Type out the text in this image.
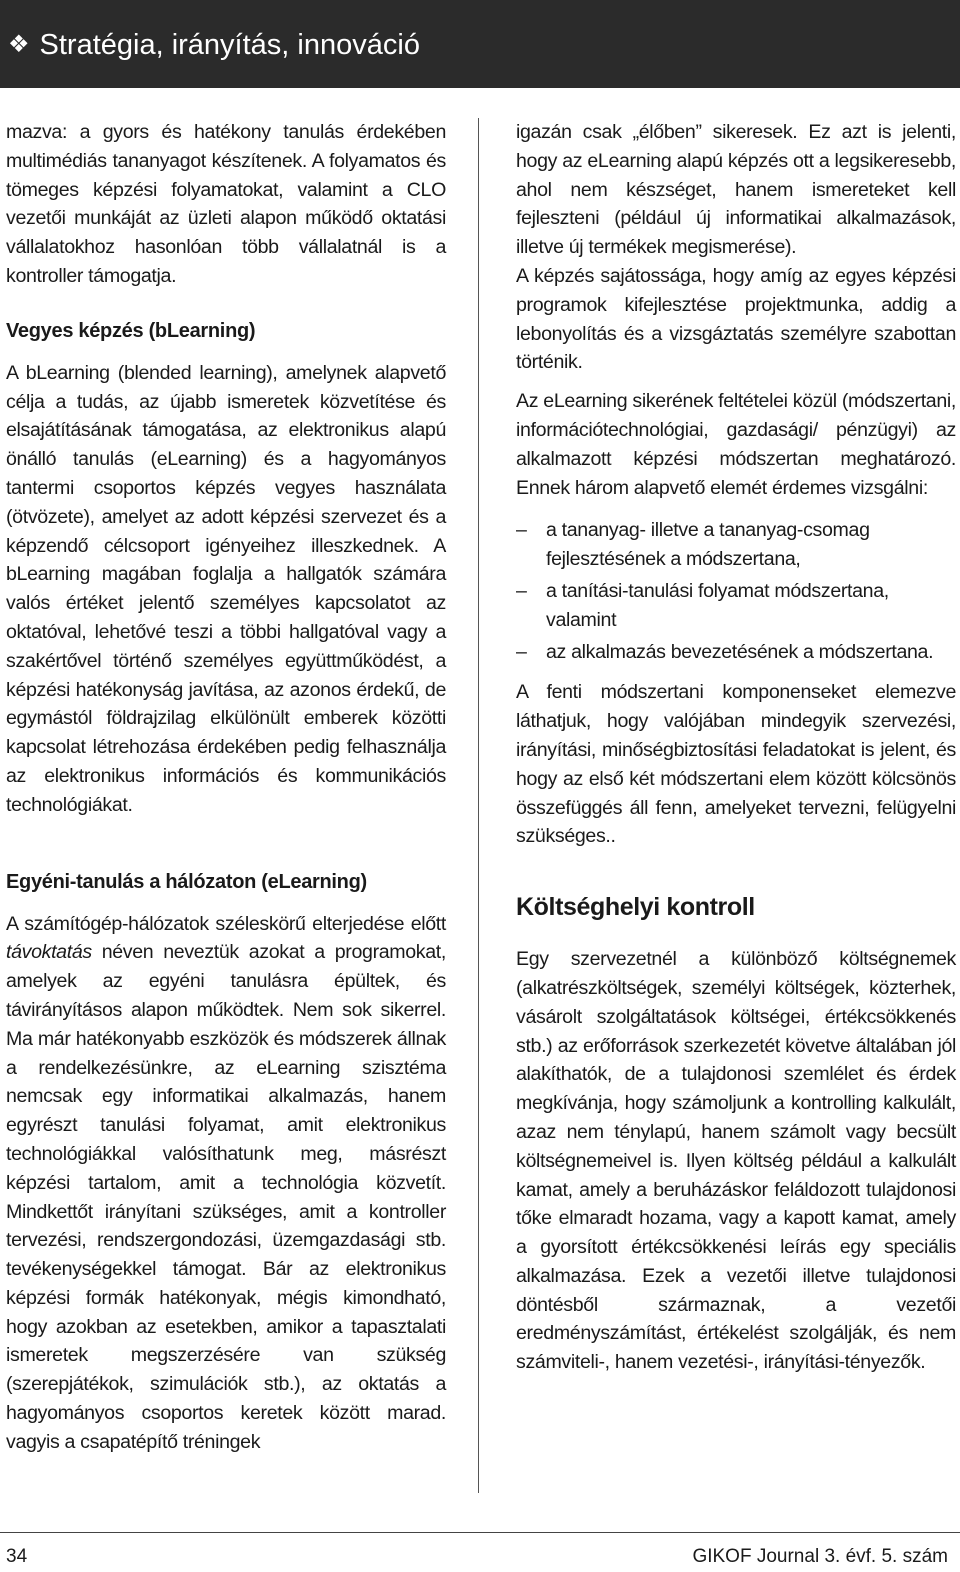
❖ Stratégia, irányítás, innováció

mazva: a gyors és hatékony tanulás érdekében multimédiás tananyagot készítenek. A folyamatos és tömeges képzési folyamatokat, valamint a CLO vezetői munkáját az üzleti alapon működő oktatási vállalatokhoz hasonlóan több vállalatnál is a kontroller támogatja.

Vegyes képzés (bLearning)

A bLearning (blended learning), amelynek alapvető célja a tudás, az újabb ismeretek közvetítése és elsajátításának támogatása, az elektronikus alapú önálló tanulás (eLearning) és a hagyományos tantermi csoportos képzés vegyes használata (ötvözete), amelyet az adott képzési szervezet és a képzendő célcsoport igényeihez illeszkednek. A bLearning magában foglalja a hallgatók számára valós értéket jelentő személyes kapcsolatot az oktatóval, lehetővé teszi a többi hallgatóval vagy a szakértővel történő személyes együttműködést, a képzési hatékonyság javítása, az azonos érdekű, de egymástól földrajzilag elkülönült emberek közötti kapcsolat létrehozása érdekében pedig felhasználja az elektronikus információs és kommunikációs technológiákat.

Egyéni-tanulás a hálózaton (eLearning)

A számítógép-hálózatok széleskörű elterjedése előtt távoktatás néven neveztük azokat a programokat, amelyek az egyéni tanulásra épültek, és távirányításos alapon működtek. Nem sok sikerrel. Ma már hatékonyabb eszközök és módszerek állnak a rendelkezésünkre, az eLearning szisztéma nemcsak egy informatikai alkalmazás, hanem egyrészt tanulási folyamat, amit elektronikus technológiákkal valósíthatunk meg, másrészt képzési tartalom, amit a technológia közvetít. Mindkettőt irányítani szükséges, amit a kontroller tervezési, rendszergondozási, üzemgazdasági stb. tevékenységekkel támogat. Bár az elektronikus képzési formák hatékonyak, mégis kimondható, hogy azokban az esetekben, amikor a tapasztalati ismeretek megszerzésére van szükség (szerepjátékok, szimulációk stb.), az oktatás a hagyományos csoportos keretek között marad. vagyis a csapatépítő tréningek

igazán csak „élőben” sikeresek. Ez azt is jelenti, hogy az eLearning alapú képzés ott a legsikeresebb, ahol nem készséget, hanem ismereteket kell fejleszteni (például új informatikai alkalmazások, illetve új termékek megismerése).

A képzés sajátossága, hogy amíg az egyes képzési programok kifejlesztése projektmunka, addig a lebonyolítás és a vizsgáztatás személyre szabottan történik.

Az eLearning sikerének feltételei közül (módszertani, információtechnológiai, gazdasági/ pénzügyi) az alkalmazott képzési módszertan meghatározó. Ennek három alapvető elemét érdemes vizsgálni:

– a tananyag- illetve a tananyag-csomag fejlesztésének a módszertana,
– a tanítási-tanulási folyamat módszertana, valamint
– az alkalmazás bevezetésének a módszertana.

A fenti módszertani komponenseket elemezve láthatjuk, hogy valójában mindegyik szervezési, irányítási, minőségbiztosítási feladatokat is jelent, és hogy az első két módszertani elem között kölcsönös összefüggés áll fenn, amelyeket tervezni, felügyelni szükséges..

Költséghelyi kontroll

Egy szervezetnél a különböző költségnemek (alkatrészköltségek, személyi költségek, közterhek, vásárolt szolgáltatások költségei, értékcsökkenés stb.) az erőforrások szerkezetét követve általában jól alakíthatók, de a tulajdonosi szemlélet és érdek megkívánja, hogy számoljunk a kontrolling kalkulált, azaz nem ténylapú, hanem számolt vagy becsült költségnemeivel is. Ilyen költség például a kalkulált kamat, amely a beruházáskor feláldozott tulajdonosi tőke elmaradt hozama, vagy a kapott kamat, amely a gyorsított értékcsökkenési leírás egy speciális alkalmazása. Ezek a vezetői illetve tulajdonosi döntésből származnak, a vezetői eredményszámítást, értékelést szolgálják, és nem számviteli-, hanem vezetési-, irányítási-tényezők.

34	GIKOF Journal 3. évf. 5. szám
